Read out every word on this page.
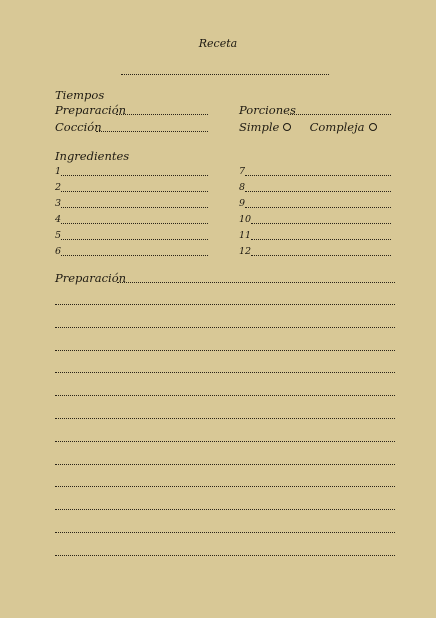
Receta
Tiempos
Preparación
Cocción
Porciones
Simple	Compleja
Ingredientes
1
2
3
4
5
6
7
8
9
10
11
12
Preparación
